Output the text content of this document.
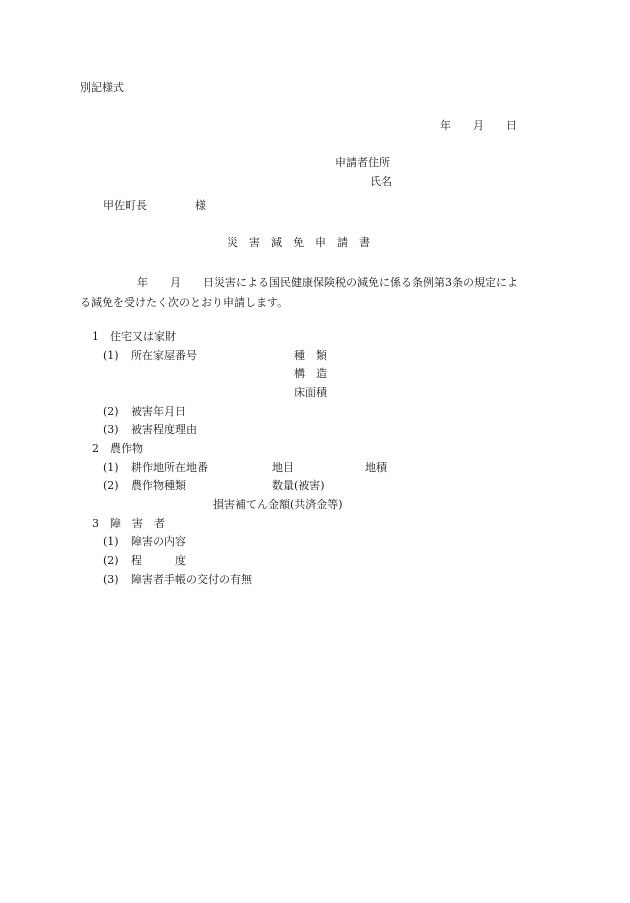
別記様式
年　　月　　日
申請者住所
氏名
甲佐町長	様
災　害　減　免　申　請　書
年　　月　　日災害による国民健康保険税の減免に係る条例第3条の規定によ
る減免を受けたく次のとおり申請します。
1　住宅又は家財
(1) 所在家屋番号	種　類
構　造
床面積
(2) 被害年月日
(3) 被害程度理由
2　農作物
(1) 耕作地所在地番	地目	地積
(2) 農作物種類	数量(被害)
損害補てん金額(共済金等)
3　障　害　者
(1) 障害の内容
(2) 程　　　度
(3) 障害者手帳の交付の有無
